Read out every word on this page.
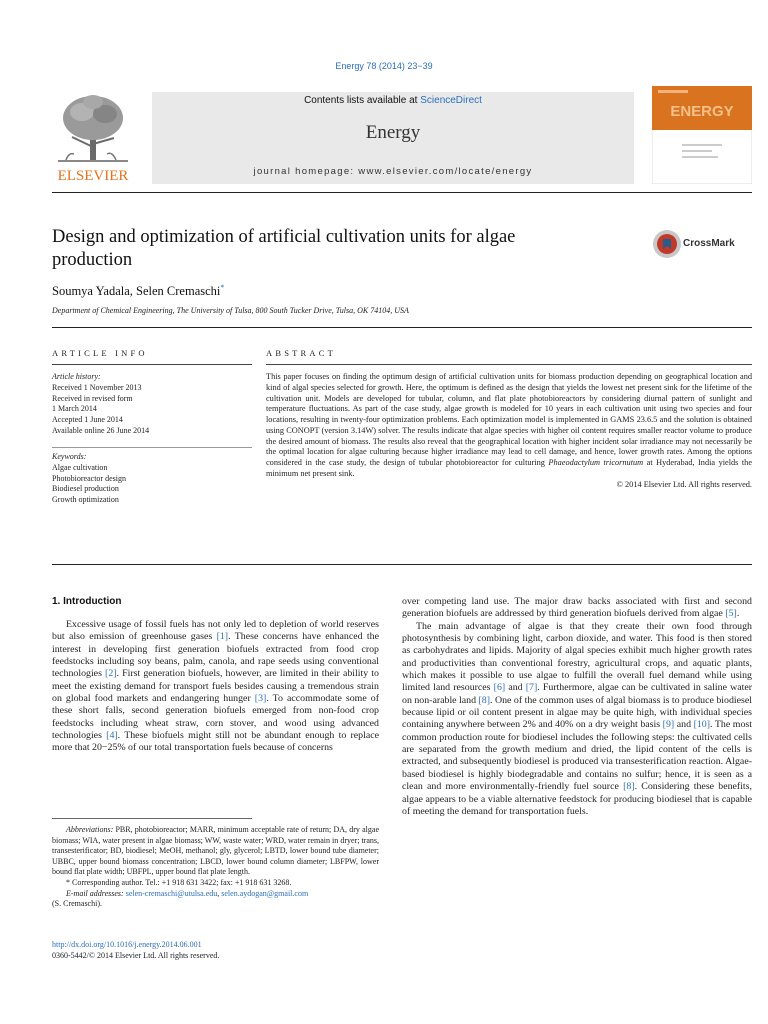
Energy 78 (2014) 23−39
ELSEVIER
Contents lists available at ScienceDirect
Energy
journal homepage: www.elsevier.com/locate/energy
ENERGY
Design and optimization of artificial cultivation units for algae production
CrossMark
Soumya Yadala, Selen Cremaschi*
Department of Chemical Engineering, The University of Tulsa, 800 South Tucker Drive, Tulsa, OK 74104, USA
ARTICLE INFO	ABSTRACT
Article history:
Received 1 November 2013
Received in revised form
1 March 2014
Accepted 1 June 2014
Available online 26 June 2014
Keywords:
Algae cultivation
Photobioreactor design
Biodiesel production
Growth optimization
This paper focuses on finding the optimum design of artificial cultivation units for biomass production depending on geographical location and kind of algal species selected for growth. Here, the optimum is defined as the design that yields the lowest net present sink for the lifetime of the cultivation unit. Models are developed for tubular, column, and flat plate photobioreactors by considering diurnal pattern of sunlight and temperature fluctuations. As part of the case study, algae growth is modeled for 10 years in each cultivation unit using two species and four locations, resulting in twenty-four optimization problems. Each optimization model is implemented in GAMS 23.6.5 and the solution is obtained using CONOPT (version 3.14W) solver. The results indicate that algae species with higher oil content requires smaller reactor volume to produce the desired amount of biomass. The results also reveal that the geographical location with higher incident solar irradiance may not necessarily be the optimal location for algae culturing because higher irradiance may lead to cell damage, and hence, lower growth rates. Among the options considered in the case study, the design of tubular photobioreactor for culturing Phaeodactylum tricornutum at Hyderabad, India yields the minimum net present sink.
© 2014 Elsevier Ltd. All rights reserved.
1. Introduction
Excessive usage of fossil fuels has not only led to depletion of world reserves but also emission of greenhouse gases [1]. These concerns have enhanced the interest in developing first generation biofuels extracted from food crop feedstocks including soy beans, palm, canola, and rape seeds using conventional technologies [2]. First generation biofuels, however, are limited in their ability to meet the existing demand for transport fuels besides causing a tremendous strain on global food markets and endangering hunger [3]. To accommodate some of these short falls, second generation biofuels emerged from non-food crop feedstocks including wheat straw, corn stover, and wood using advanced technologies [4]. These biofuels might still not be abundant enough to replace more that 20−25% of our total transportation fuels because of concerns

over competing land use. The major draw backs associated with first and second generation biofuels are addressed by third generation biofuels derived from algae [5].

The main advantage of algae is that they create their own food through photosynthesis by combining light, carbon dioxide, and water. This food is then stored as carbohydrates and lipids. Majority of algal species exhibit much higher growth rates and productivities than conventional forestry, agricultural crops, and aquatic plants, which makes it possible to use algae to fulfill the overall fuel demand while using limited land resources [6] and [7]. Furthermore, algae can be cultivated in saline water on non-arable land [8]. One of the common uses of algal biomass is to produce biodiesel because lipid or oil content present in algae may be quite high, with individual species containing anywhere between 2% and 40% on a dry weight basis [9] and [10]. The most common production route for biodiesel includes the following steps: the cultivated cells are separated from the growth medium and dried, the lipid content of the cells is extracted, and subsequently biodiesel is produced via transesterification reaction. Algae-based biodiesel is highly biodegradable and contains no sulfur; hence, it is seen as a clean and more environmentally-friendly fuel source [8]. Considering these benefits, algae appears to be a viable alternative feedstock for producing biodiesel that is capable of meeting the demand for transportation fuels.

Abbreviations: PBR, photobioreactor; MARR, minimum acceptable rate of return; DA, dry algae biomass; WIA, water present in algae biomass; WW, waste water; WRD, water remain in dryer; trans, transesterificator; BD, biodiesel; MeOH, methanol; gly, glycerol; LBTD, lower bound tube diameter; UBBC, upper bound biomass concentration; LBCD, lower bound column diameter; LBFPW, lower bound flat plate width; UBFPL, upper bound flat plate length.

* Corresponding author. Tel.: +1 918 631 3422; fax: +1 918 631 3268.

E-mail addresses: selen-cremaschi@utulsa.edu, selen.aydogan@gmail.com

(S. Cremaschi).

http://dx.doi.org/10.1016/j.energy.2014.06.001
0360-5442/© 2014 Elsevier Ltd. All rights reserved.
